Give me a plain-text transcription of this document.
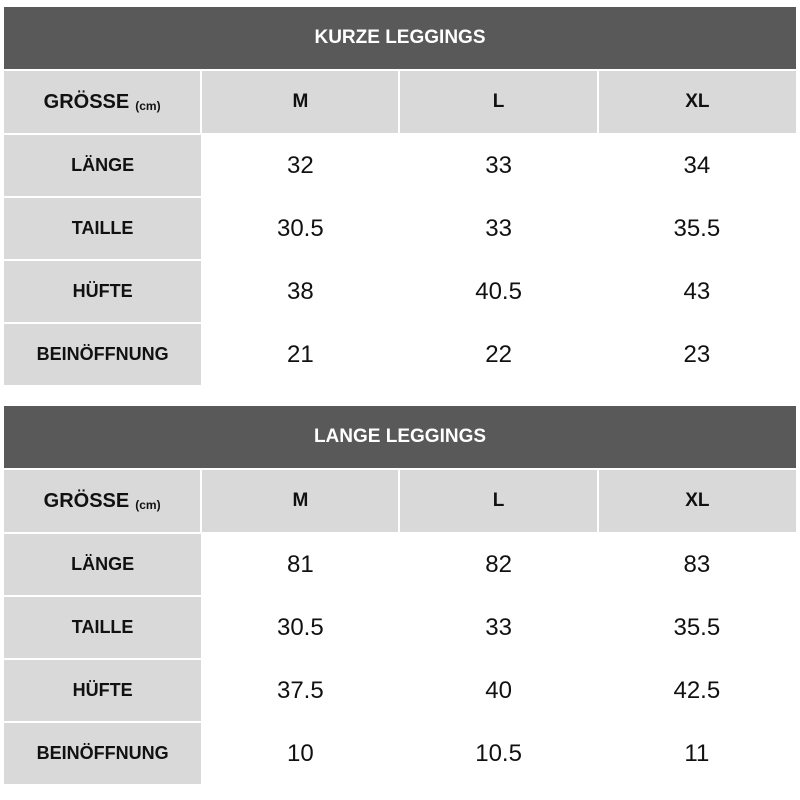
KURZE LEGGINGS			
GRÖSSE (cm)	M	L	XL
LÄNGE	32	33	34
TAILLE	30.5	33	35.5
HÜFTE	38	40.5	43
BEINÖFFNUNG	21	22	23
LANGE LEGGINGS			
GRÖSSE (cm)	M	L	XL
LÄNGE	81	82	83
TAILLE	30.5	33	35.5
HÜFTE	37.5	40	42.5
BEINÖFFNUNG	10	10.5	11
